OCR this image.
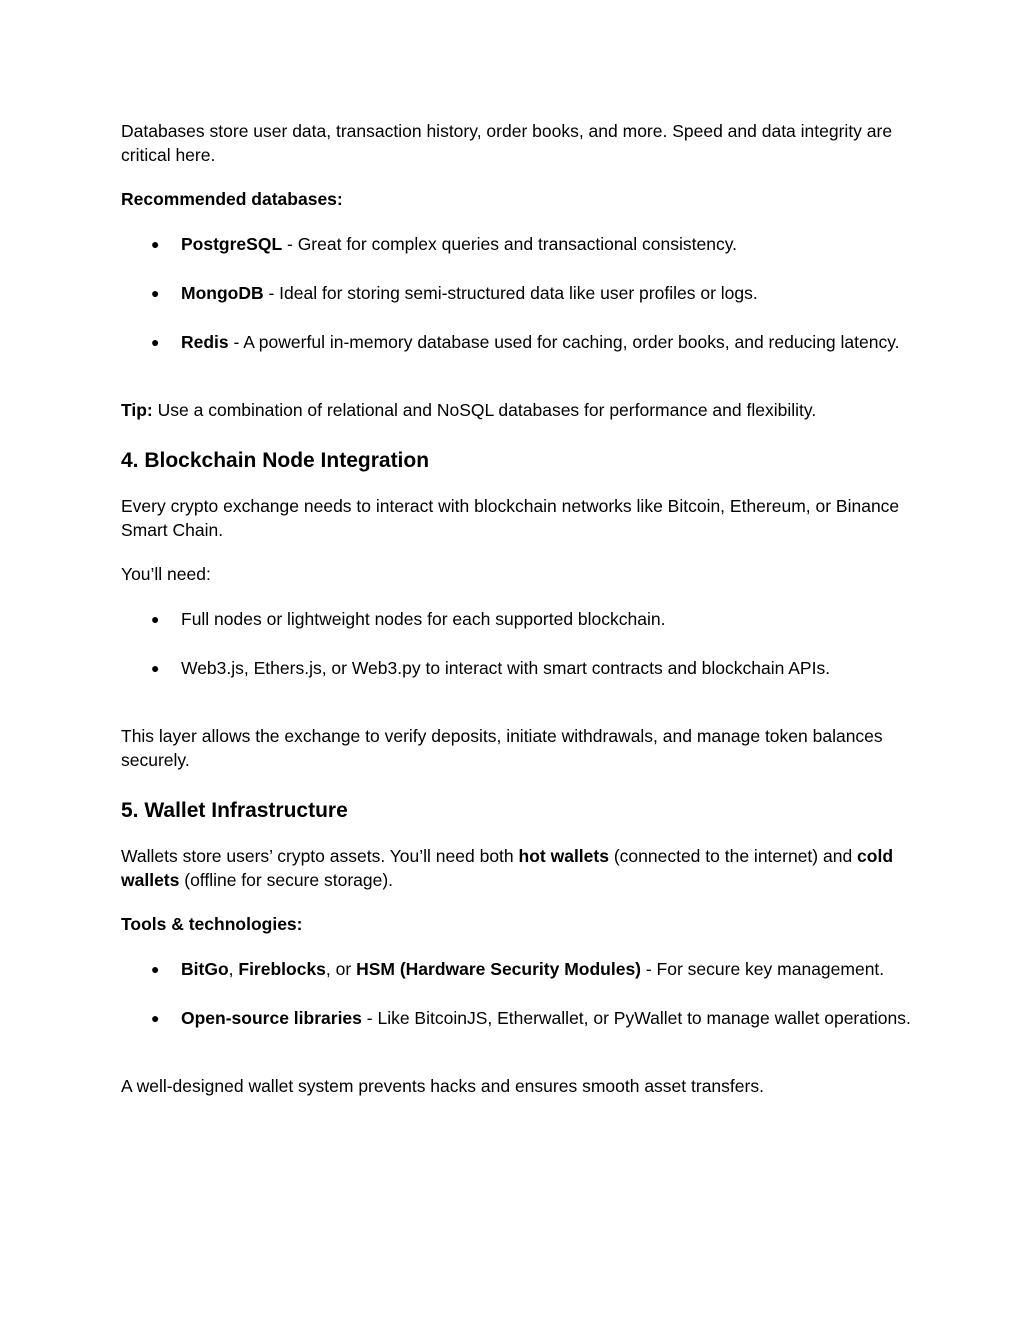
Databases store user data, transaction history, order books, and more. Speed and data integrity are critical here.

Recommended databases:

● PostgreSQL - Great for complex queries and transactional consistency.
● MongoDB - Ideal for storing semi-structured data like user profiles or logs.
● Redis - A powerful in-memory database used for caching, order books, and reducing latency.

Tip: Use a combination of relational and NoSQL databases for performance and flexibility.

4. Blockchain Node Integration

Every crypto exchange needs to interact with blockchain networks like Bitcoin, Ethereum, or Binance Smart Chain.

You’ll need:

● Full nodes or lightweight nodes for each supported blockchain.
● Web3.js, Ethers.js, or Web3.py to interact with smart contracts and blockchain APIs.

This layer allows the exchange to verify deposits, initiate withdrawals, and manage token balances securely.

5. Wallet Infrastructure

Wallets store users’ crypto assets. You’ll need both hot wallets (connected to the internet) and cold wallets (offline for secure storage).

Tools & technologies:

● BitGo, Fireblocks, or HSM (Hardware Security Modules) - For secure key management.
● Open-source libraries - Like BitcoinJS, Etherwallet, or PyWallet to manage wallet operations.

A well-designed wallet system prevents hacks and ensures smooth asset transfers.
